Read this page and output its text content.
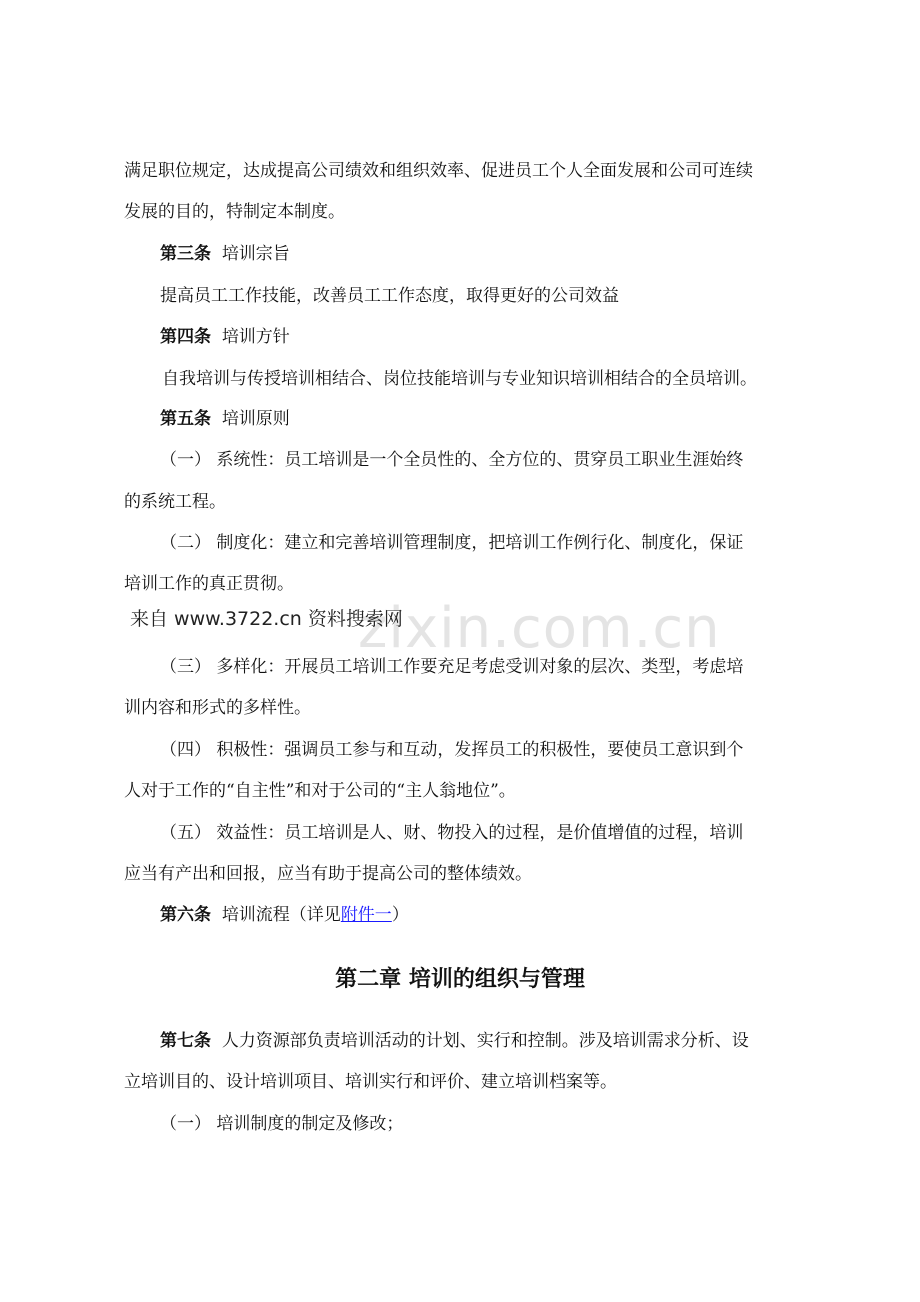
满足职位规定，达成提高公司绩效和组织效率、促进员工个人全面发展和公司可连续
发展的目的，特制定本制度。
第三条 培训宗旨
提高员工工作技能，改善员工工作态度，取得更好的公司效益
第四条 培训方针
自我培训与传授培训相结合、岗位技能培训与专业知识培训相结合的全员培训。
第五条 培训原则
（一） 系统性：员工培训是一个全员性的、全方位的、贯穿员工职业生涯始终
的系统工程。
（二） 制度化：建立和完善培训管理制度，把培训工作例行化、制度化，保证
培训工作的真正贯彻。
zixin.com.cn
来自 www.3722.cn 资料搜索网
（三） 多样化：开展员工培训工作要充足考虑受训对象的层次、类型，考虑培
训内容和形式的多样性。
（四） 积极性：强调员工参与和互动，发挥员工的积极性，要使员工意识到个
人对于工作的“自主性”和对于公司的“主人翁地位”。
（五） 效益性：员工培训是人、财、物投入的过程，是价值增值的过程，培训
应当有产出和回报，应当有助于提高公司的整体绩效。
第六条 培训流程（详见附件一）
第二章 培训的组织与管理
第七条 人力资源部负责培训活动的计划、实行和控制。涉及培训需求分析、设
立培训目的、设计培训项目、培训实行和评价、建立培训档案等。
（一） 培训制度的制定及修改；
